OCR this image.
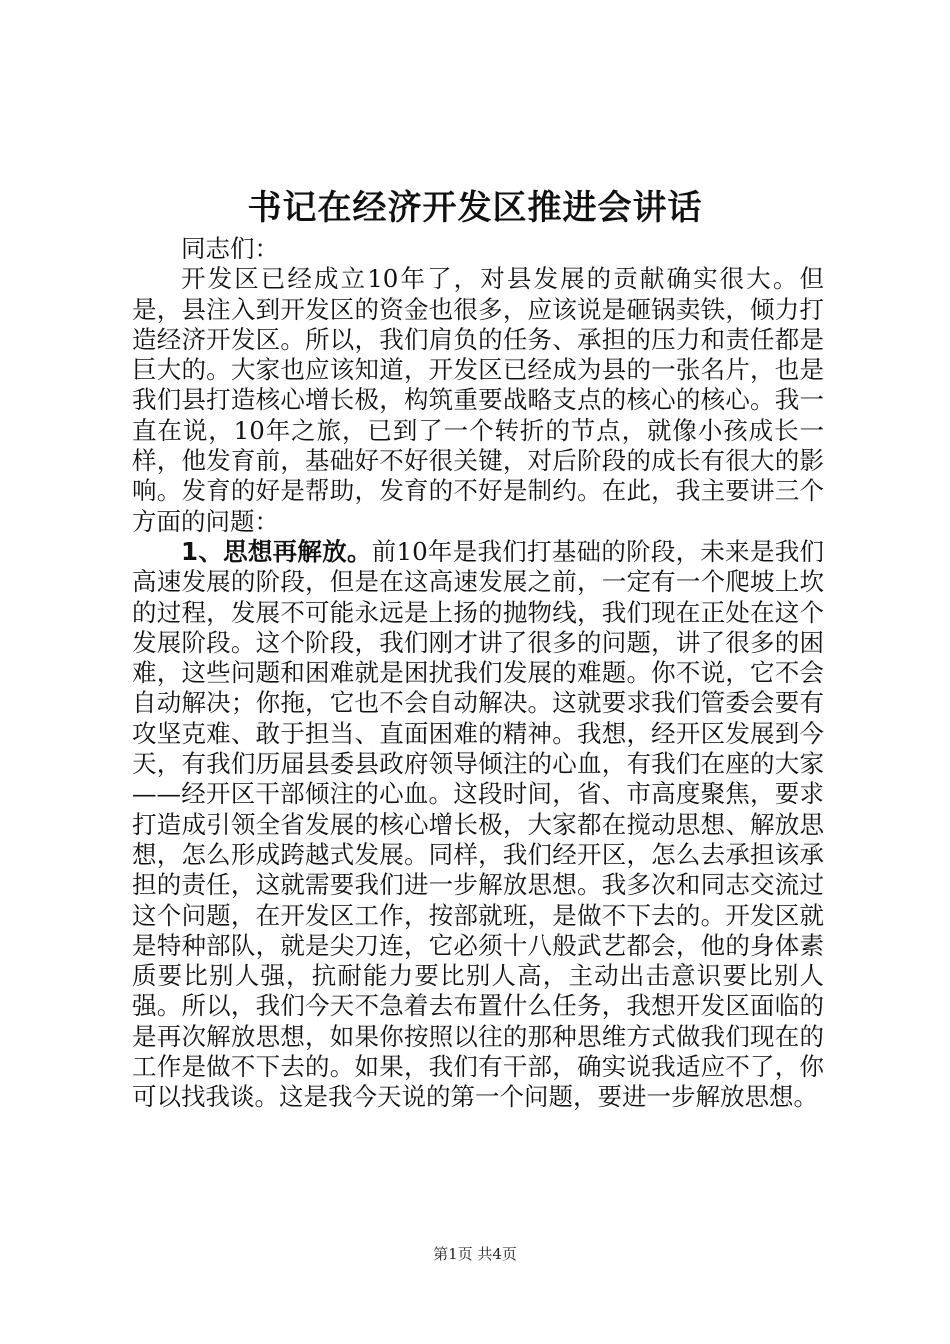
书记在经济开发区推进会讲话

同志们：

开发区已经成立10年了，对县发展的贡献确实很大。但是，县注入到开发区的资金也很多，应该说是砸锅卖铁，倾力打造经济开发区。所以，我们肩负的任务、承担的压力和责任都是巨大的。大家也应该知道，开发区已经成为县的一张名片，也是我们县打造核心增长极，构筑重要战略支点的核心的核心。我一直在说，10年之旅，已到了一个转折的节点，就像小孩成长一样，他发育前，基础好不好很关键，对后阶段的成长有很大的影响。发育的好是帮助，发育的不好是制约。在此，我主要讲三个方面的问题：

1、思想再解放。前10年是我们打基础的阶段，未来是我们高速发展的阶段，但是在这高速发展之前，一定有一个爬坡上坎的过程，发展不可能永远是上扬的抛物线，我们现在正处在这个发展阶段。这个阶段，我们刚才讲了很多的问题，讲了很多的困难，这些问题和困难就是困扰我们发展的难题。你不说，它不会自动解决；你拖，它也不会自动解决。这就要求我们管委会要有攻坚克难、敢于担当、直面困难的精神。我想，经开区发展到今天，有我们历届县委县政府领导倾注的心血，有我们在座的大家——经开区干部倾注的心血。这段时间，省、市高度聚焦，要求打造成引领全省发展的核心增长极，大家都在搅动思想、解放思想，怎么形成跨越式发展。同样，我们经开区，怎么去承担该承担的责任，这就需要我们进一步解放思想。我多次和同志交流过这个问题，在开发区工作，按部就班，是做不下去的。开发区就是特种部队，就是尖刀连，它必须十八般武艺都会，他的身体素质要比别人强，抗耐能力要比别人高，主动出击意识要比别人强。所以，我们今天不急着去布置什么任务，我想开发区面临的是再次解放思想，如果你按照以往的那种思维方式做我们现在的工作是做不下去的。如果，我们有干部，确实说我适应不了，你可以找我谈。这是我今天说的第一个问题，要进一步解放思想。

第1页 共4页
